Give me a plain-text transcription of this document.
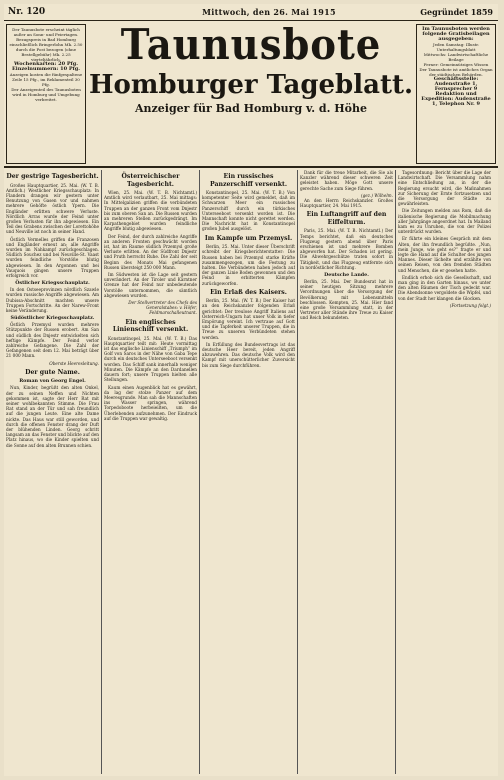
Nr. 120	Mittwoch, den 26. Mai 1915	Gegründet 1859
Der Taunusbote erscheint täglich außer an Sonn- und Feiertagen.
Bezugspreis in Bad Homburg einschließlich Bringerlohn Mk. 2.50
durch die Post bezogen (ohne Bestellgebühr) Mk. 2.25 vierteljährlich.
Wochenkarten: 20 Pfg.
Einzelnummern: 10 Pfg.
Anzeigen kosten die fünfgespaltene Zeile 15 Pfg., im Reklamenteil 30 Pfg.
Der Anzeigenteil des Taunusboten wird in Homburg und Umgebung verbreitet.
Taunusbote
Homburger Tageblatt.
Anzeiger für Bad Homburg v. d. Höhe
Im Taunusboten werden folgende Gratisbeilagen ausgegeben:
Jeden Samstag: Illustr. Unterhaltungsblatt
Mittwochs: Landwirtschaftliche Beilage
Ferner: Gemeinnütziges Wissen
Der Taunusbote ist amtliches Organ der städtischen Behörden.
Geschäftsstelle: Audenstraße 1, Fernsprecher 9
Redaktion und Expedition: Audenstraße 1, Telephon Nr. 9
Der gestrige Tagesbericht.

Großes Hauptquartier, 25. Mai. (W. T. B. Amtlich.) Westlicher Kriegsschauplatz: In Flandern drangen wir gestern unter Benutzung von Gasen vor und nahmen mehrere Gehöfte östlich Ypern. Die Engländer erlitten schwere Verluste. Nördlich Arras wurde der Feind unter großen Verlusten für ihn abgewiesen. Ein Teil des Grabens zwischen der Lorettohöhe und Neuville ist noch in seiner Hand.

Östlich Vermelles griffen die Franzosen und Engländer erneut an; alle Angriffe wurden im Nahkampf zurückgeschlagen. Südlich Souchez und bei Neuville-St. Vaast wurden feindliche Vorstöße blutig abgewiesen. In den Argonnen und bei Vauquois gingen unsere Truppen erfolgreich vor.

Östlicher Kriegsschauplatz.

In den Ostseeprovinzen nördlich Szawle wurden russische Angriffe abgewiesen. Am Dubissa-Abschnitt machten unsere Truppen Fortschritte. An der Narew-Front keine Veränderung.

Südöstlicher Kriegsschauplatz.

Östlich Przemysl wurden mehrere Stützpunkte der Russen erobert. Am San und südlich des Dnjestr entwickelten sich heftige Kämpfe. Der Feind verlor zahlreiche Gefangene. Die Zahl der Gefangenen seit dem 12. Mai beträgt über 21 000 Mann.

Oberste Heeresleitung.
Der gute Name.
Roman von Georg Engel.

Nun, Kinder, begrüßt den alten Onkel, der zu seinen Neffen und Nichten gekommen ist, sagte der Herr Rat mit seiner wohlbekannten Stimme. Die Frau Rat stand an der Tür und sah freundlich auf die jungen Leute. Eine alte Dame nickte. Das Haus war still geworden, und durch die offenen Fenster drang der Duft der blühenden Linden. Georg schritt langsam an das Fenster und blickte auf den Platz hinaus, wo die Kinder spielten und die Sonne auf den alten Brunnen schien.

Österreichischer Tagesbericht.

Wien, 25. Mai. (W. T. B. Nichtamtl.) Amtlich wird verlautbart, 25. Mai mittags: In Mittelgalizien griffen die verbündeten Truppen an der ganzen Front vom Dnjestr bis zum oberen San an. Die Russen wurden an mehreren Stellen zurückgedrängt. Im Karpathengebiet wurden feindliche Angriffe blutig abgewiesen.

Der Feind, der durch zahlreiche Angriffe an anderen Fronten geschwächt worden ist, hat im Raume südlich Przemysl große Verluste erlitten. An der Südfront Dnjestr und Pruth herrscht Ruhe. Die Zahl der seit Beginn des Monats Mai gefangenen Russen übersteigt 250 000 Mann.

Im Südwesten ist die Lage seit gestern unverändert. An der Tiroler und Kärntner Grenze hat der Feind nur unbedeutende Vorstöße unternommen, die sämtlich abgewiesen wurden.

Der Stellvertreter des Chefs des Generalstabes: v. Höfer, Feldmarschalleutnant.
Ein englisches Linienschiff versenkt.

Konstantinopel, 25. Mai. (W. T. B.) Das Hauptquartier teilt mit: Heute vormittag ist das englische Linienschiff „Triumph“ im Golf von Saros in der Nähe von Gaba Tepe durch ein deutsches Unterseeboot versenkt worden. Das Schiff sank innerhalb weniger Minuten. Die Kämpfe an den Dardanellen dauern fort; unsere Truppen hielten alle Stellungen.

Kaum einen Augenblick hat es gewährt, da lag der stolze Panzer auf dem Meeresgrunde. Man sah die Mannschaften ins Wasser springen, während Torpedoboote herbeieilten, um die Überlebenden aufzunehmen. Der Eindruck auf die Truppen war gewaltig.

Ein russisches Panzerschiff versenkt.

Konstantinopel, 25. Mai. (W. T. B.) Von kompetenter Seite wird gemeldet, daß im Schwarzen Meer ein russisches Panzerschiff durch ein türkisches Unterseeboot versenkt worden ist. Die Mannschaft konnte nicht gerettet werden. Die Nachricht hat in Konstantinopel großen Jubel ausgelöst.

Im Kampfe um Przemysl.

Berlin, 25. Mai. Unter dieser Überschrift schreibt der Kriegsberichterstatter: Die Russen haben bei Przemysl starke Kräfte zusammengezogen, um die Festung zu halten. Die Verbündeten haben jedoch auf der ganzen Linie Boden gewonnen und den Feind in erbitterten Kämpfen zurückgeworfen.

Ein Erlaß des Kaisers.

Berlin, 25. Mai. (W. T. B.) Der Kaiser hat an den Reichskanzler folgenden Erlaß gerichtet: Der treulose Angriff Italiens auf Österreich-Ungarn hat unser Volk in tiefer Empörung vereint. Ich vertraue auf Gott und die Tapferkeit unserer Truppen, die in Treue zu unseren Verbündeten stehen werden.

In Erfüllung des Bundesvertrags ist das deutsche Heer bereit, jeden Angriff abzuwehren. Das deutsche Volk wird den Kampf mit unerschütterlicher Zuversicht bis zum Siege durchführen.

Dank für die treue Mitarbeit, die Sie als Kanzler während dieser schweren Zeit geleistet haben. Möge Gott unsere gerechte Sache zum Siege führen.

(gez.) Wilhelm.

An den Herrn Reichskanzler. Großes Hauptquartier, 24. Mai 1915.

Ein Luftangriff auf den Eiffelturm.

Paris, 25. Mai. (W. T. B. Nichtamtl.) Der Temps berichtet, daß ein deutsches Flugzeug gestern abend über Paris erschienen ist und mehrere Bomben abgeworfen hat. Der Schaden ist gering. Die Abwehrgeschütze traten sofort in Tätigkeit, und das Flugzeug entfernte sich in nordöstlicher Richtung.

Deutsche Lande.

Berlin, 25. Mai. Der Bundesrat hat in seiner heutigen Sitzung mehrere Verordnungen über die Versorgung der Bevölkerung mit Lebensmitteln beschlossen. Kempten, 25. Mai. Hier fand eine große Versammlung statt, in der Vertreter aller Stände ihre Treue zu Kaiser und Reich bekundeten.

Tagesordnung: Bericht über die Lage der Landwirtschaft. Die Versammlung nahm eine Entschließung an, in der die Regierung ersucht wird, die Maßnahmen zur Sicherung der Ernte fortzusetzen und die Versorgung der Städte zu gewährleisten.

Die Zeitungen melden aus Rom, daß die italienische Regierung die Mobilmachung aller Jahrgänge angeordnet hat. In Mailand kam es zu Unruhen, die von der Polizei unterdrückt wurden.

Er führte ein kleines Gespräch mit dem Alten, der ihn freundlich begrüßte. „Nun, mein Junge, wie geht es?“ fragte er und legte die Hand auf die Schulter des jungen Mannes. Dieser lächelte und erzählte von seinen Reisen, von den fremden Städten und Menschen, die er gesehen hatte.

Endlich erhob sich die Gesellschaft, und man ging in den Garten hinaus, wo unter den alten Bäumen der Tisch gedeckt war. Die Abendsonne vergoldete die Wipfel, und von der Stadt her klangen die Glocken.

(Fortsetzung folgt.)
